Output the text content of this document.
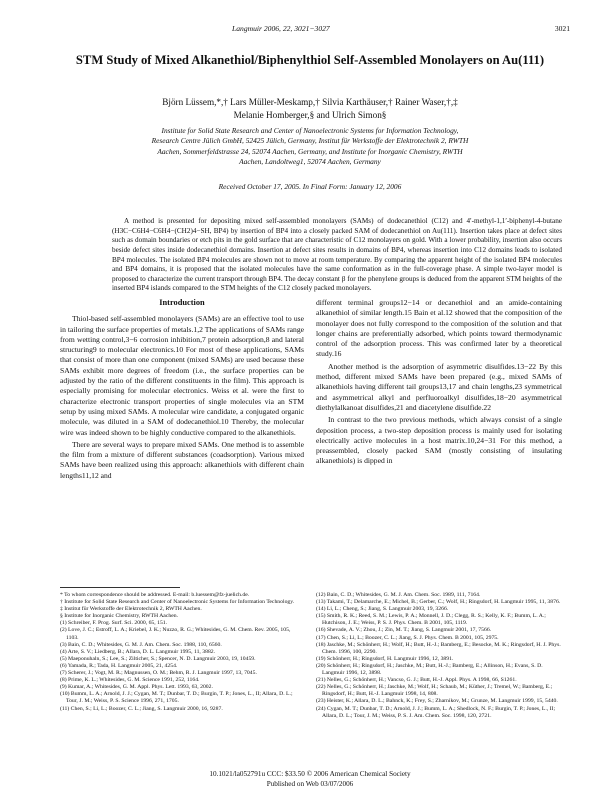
Langmuir 2006, 22, 3021−3027	3021
STM Study of Mixed Alkanethiol/Biphenylthiol Self-Assembled Monolayers on Au(111)
Björn Lüssem,*,† Lars Müller-Meskamp,† Silvia Karthäuser,† Rainer Waser,†,‡
Melanie Homberger,§ and Ulrich Simon§
Institute for Solid State Research and Center of Nanoelectronic Systems for Information Technology,
Research Centre Jülich GmbH, 52425 Jülich, Germany, Institut für Werkstoffe der Elektrotechnik 2, RWTH
Aachen, Sommerfeldstrasse 24, 52074 Aachen, Germany, and Institute for Inorganic Chemistry, RWTH
Aachen, Landoltweg1, 52074 Aachen, Germany
Received October 17, 2005. In Final Form: January 12, 2006

A method is presented for depositing mixed self-assembled monolayers (SAMs) of dodecanethiol (C12) and 4′-methyl-1,1′-biphenyl-4-butane (H3C−C6H4−C6H4−(CH2)4−SH, BP4) by insertion of BP4 into a closely packed SAM of dodecanethiol on Au(111). Insertion takes place at defect sites such as domain boundaries or etch pits in the gold surface that are characteristic of C12 monolayers on gold. With a lower probability, insertion also occurs beside defect sites inside dodecanethiol domains. Insertion at defect sites results in domains of BP4, whereas insertion into C12 domains leads to isolated BP4 molecules. The isolated BP4 molecules are shown not to move at room temperature. By comparing the apparent height of the isolated BP4 molecules and BP4 domains, it is proposed that the isolated molecules have the same conformation as in the full-coverage phase. A simple two-layer model is proposed to characterize the current transport through BP4. The decay constant β for the phenylene groups is deduced from the apparent STM heights of the inserted BP4 islands compared to the STM heights of the C12 closely packed monolayers.

Introduction

Thiol-based self-assembled monolayers (SAMs) are an effective tool to use in tailoring the surface properties of metals.1,2 The applications of SAMs range from wetting control,3−6 corrosion inhibition,7 protein adsorption,8 and lateral structuring9 to molecular electronics.10 For most of these applications, SAMs that consist of more than one component (mixed SAMs) are used because these SAMs exhibit more degrees of freedom (i.e., the surface properties can be adjusted by the ratio of the different constituents in the film). This approach is especially promising for molecular electronics. Weiss et al. were the first to characterize electronic transport properties of single molecules via an STM setup by using mixed SAMs. A molecular wire candidate, a conjugated organic molecule, was diluted in a SAM of dodecanethiol.10 Thereby, the molecular wire was indeed shown to be highly conductive compared to the alkanethiols.

There are several ways to prepare mixed SAMs. One method is to assemble the film from a mixture of different substances (coadsorption). Various mixed SAMs have been realized using this approach: alkanethiols with different chain lengths11,12 and

different terminal groups12−14 or decanethiol and an amide-containing alkanethiol of similar length.15 Bain et al.12 showed that the composition of the monolayer does not fully correspond to the composition of the solution and that longer chains are preferentially adsorbed, which points toward thermodynamic control of the adsorption process. This was confirmed later by a theoretical study.16

Another method is the adsorption of asymmetric disulfides.13−22 By this method, different mixed SAMs have been prepared (e.g., mixed SAMs of alkanethiols having different tail groups13,17 and chain lengths,23 symmetrical and asymmetrical alkyl and perfluoroalkyl disulfides,18−20 asymmetrical diethylalkanoat disulfides,21 and diacetylene disulfide.22

In contrast to the two previous methods, which always consist of a single deposition process, a two-step deposition process is mainly used for isolating electrically active molecules in a host matrix.10,24−31 For this method, a preassembled, closely packed SAM (mostly consisting of insulating alkanethiols) is dipped in

* To whom correspondence should be addressed. E-mail: b.luessem@fz-juelich.de.

† Institute for Solid State Research and Center of Nanoelectronic Systems for Information Technology.

‡ Institut für Werkstoffe der Elektrotechnik 2, RWTH Aachen.

§ Institute for Inorganic Chemistry, RWTH Aachen.

(1) Schreiber, F. Prog. Surf. Sci. 2000, 65, 151.

(2) Love, J. C.; Estroff, L. A.; Kriebel, J. K.; Nuzzo, R. G.; Whitesides, G. M. Chem. Rev. 2005, 105, 1103.

(3) Bain, C. D.; Whitesides, G. M. J. Am. Chem. Soc. 1988, 110, 6560.

(4) Arte, S. V.; Liedberg, B.; Allara, D. L. Langmuir 1995, 11, 3882.

(5) Maeponuhaln, S.; Lee, S.; Zilticher, S.; Spencer, N. D. Langmuir 2003, 19, 10459.

(6) Yamada, R.; Tada, H. Langmuir 2005, 21, 4254.

(7) Scherer, J.; Vogt, M. R.; Magnussen, O. M.; Behm, R. J. Langmuir 1997, 13, 7045.

(8) Prime, K. L.; Whitesides, G. M. Science 1991, 252, 1164.

(9) Kumar, A.; Whitesides, G. M. Appl. Phys. Lett. 1993, 63, 2002.

(10) Bumm, L. A.; Arnold, J. J.; Cygan, M. T.; Dunbar, T. D.; Burgin, T. P.; Jones, L., II; Allara, D. L.; Tour, J. M.; Weiss, P. S. Science 1996, 271, 1705.

(11) Chen, S.; Li, L.; Boozer, C. L.; Jiang, S. Langmuir 2000, 16, 9287.

(12) Bain, C. D.; Whitesides, G. M. J. Am. Chem. Soc. 1989, 111, 7164.

(13) Takami, T.; Delamarche, E.; Michel, B.; Gerber, C.; Wolf, H.; Ringsdorf, H. Langmuir 1995, 11, 3876.

(14) Li, L.; Cheng, S.; Jiang, S. Langmuir 2003, 19, 3266.

(15) Smith, R. K.; Reed, S. M.; Lewis, P. A.; Monnell, J. D.; Clegg, R. S.; Kelly, K. F.; Bumm, L. A.; Hutchison, J. E.; Weiss, P. S. J. Phys. Chem. B 2001, 105, 1119.

(16) Shevade, A. V.; Zhou, J.; Zin, M. T.; Jiang, S. Langmuir 2001, 17, 7566.

(17) Chen, S.; Li, L.; Boozer, C. L.; Jiang, S. J. Phys. Chem. B 2001, 105, 2975.

(18) Jaschke, M.; Schönherr, H.; Wolf, H.; Butt, H.-J.; Bamberg, E.; Besocke, M. K.; Ringsdorf, H. J. Phys. Chem. 1996, 100, 2290.

(19) Schönherr, H.; Ringsdorf, H. Langmuir 1996, 12, 3891.

(20) Schönherr, H.; Ringsdorf, H.; Jaschke, M.; Butt, H.-J.; Bamberg, E.; Allinson, H.; Evans, S. D. Langmuir 1996, 12, 3898.

(21) Nelles, G.; Schönherr, H.; Vancso, G. J.; Butt, H.-J. Appl. Phys. A 1998, 66, S1261.

(22) Nelles, G.; Schönherr, H.; Jaschke, M.; Wolf, H.; Schaub, M.; Küther, J.; Tremel, W.; Bamberg, E.; Ringsdorf, H.; Butt, H.-J. Langmuir 1998, 14, 808.

(23) Heister, K.; Allara, D. L.; Bahnck, K.; Frey, S.; Zharnikov, M.; Grunze, M. Langmuir 1999, 15, 5440.

(24) Cygan, M. T.; Dunbar, T. D.; Arnold, J. J.; Bumm, L. A.; Shedlock, N. F.; Burgin, T. P.; Jones, L., II; Allara, D. L.; Tour, J. M.; Weiss, P. S. J. Am. Chem. Soc. 1998, 120, 2721.

10.1021/la052791u CCC: $33.50 © 2006 American Chemical Society
Published on Web 03/07/2006
